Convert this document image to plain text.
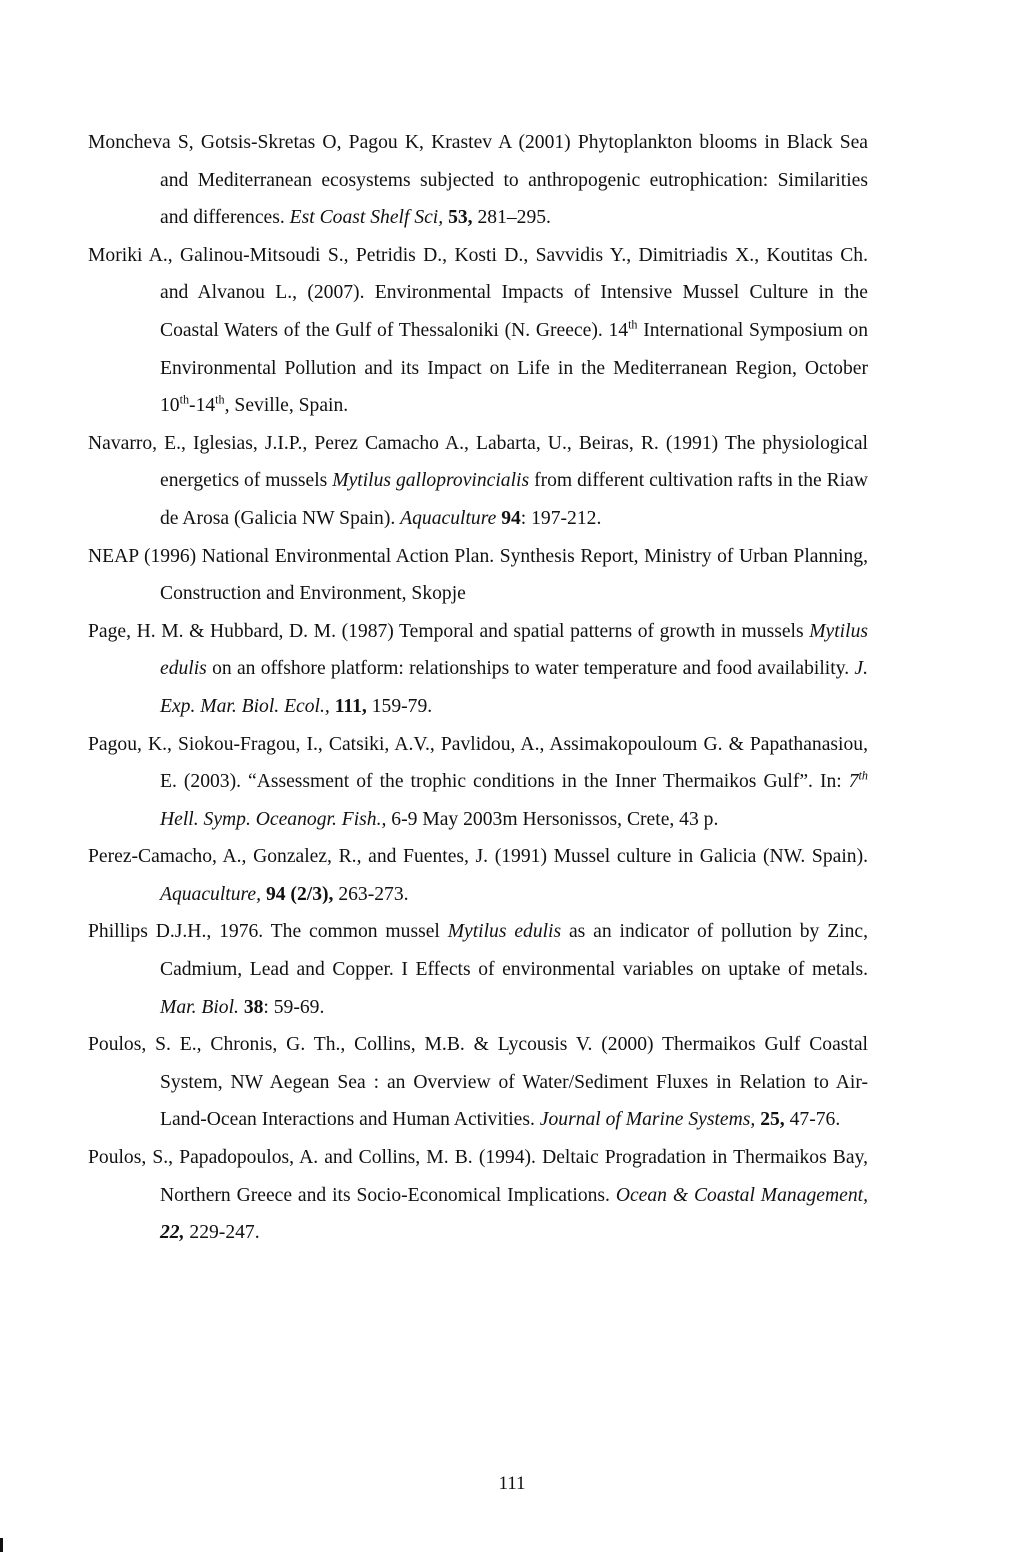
Moncheva S, Gotsis-Skretas O, Pagou K, Krastev A (2001) Phytoplankton blooms in Black Sea and Mediterranean ecosystems subjected to anthropogenic eutrophication: Similarities and differences. Est Coast Shelf Sci, 53, 281–295.

Moriki A., Galinou-Mitsoudi S., Petridis D., Kosti D., Savvidis Y., Dimitriadis X., Koutitas Ch. and Alvanou L., (2007). Environmental Impacts of Intensive Mussel Culture in the Coastal Waters of the Gulf of Thessaloniki (N. Greece). 14th International Symposium on Environmental Pollution and its Impact on Life in the Mediterranean Region, October 10th-14th, Seville, Spain.

Navarro, E., Iglesias, J.I.P., Perez Camacho A., Labarta, U., Beiras, R. (1991) The physiological energetics of mussels Mytilus galloprovincialis from different cultivation rafts in the Riaw de Arosa (Galicia NW Spain). Aquaculture 94: 197-212.

NEAP (1996) National Environmental Action Plan. Synthesis Report, Ministry of Urban Planning, Construction and Environment, Skopje

Page, H. M. & Hubbard, D. M. (1987) Temporal and spatial patterns of growth in mussels Mytilus edulis on an offshore platform: relationships to water temperature and food availability. J. Exp. Mar. Biol. Ecol., 111, 159-79.

Pagou, K., Siokou-Fragou, I., Catsiki, A.V., Pavlidou, A., Assimakopouloum G. & Papathanasiou, E. (2003). “Assessment of the trophic conditions in the Inner Thermaikos Gulf”. In: 7th Hell. Symp. Oceanogr. Fish., 6-9 May 2003m Hersonissos, Crete, 43 p.

Perez-Camacho, A., Gonzalez, R., and Fuentes, J. (1991) Mussel culture in Galicia (NW. Spain). Aquaculture, 94 (2/3), 263-273.

Phillips D.J.H., 1976. The common mussel Mytilus edulis as an indicator of pollution by Zinc, Cadmium, Lead and Copper. I Effects of environmental variables on uptake of metals. Mar. Biol. 38: 59-69.

Poulos, S. E., Chronis, G. Th., Collins, M.B. & Lycousis V. (2000) Thermaikos Gulf Coastal System, NW Aegean Sea : an Overview of Water/Sediment Fluxes in Relation to Air-Land-Ocean Interactions and Human Activities. Journal of Marine Systems, 25, 47-76.

Poulos, S., Papadopoulos, A. and Collins, M. B. (1994). Deltaic Progradation in Thermaikos Bay, Northern Greece and its Socio-Economical Implications. Ocean & Coastal Management, 22, 229-247.

111
